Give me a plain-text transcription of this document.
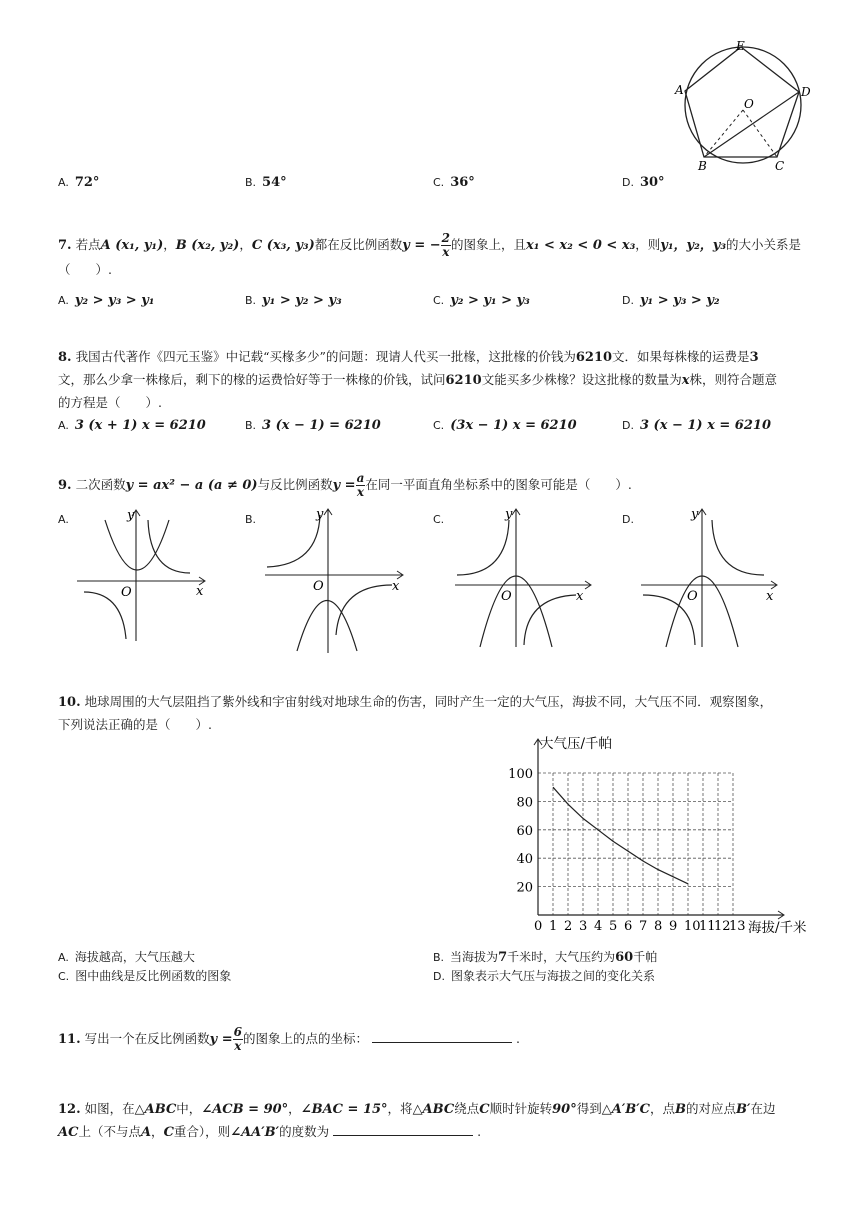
E
A	D
O
B	C
A. 72°	B. 54°	C. 36°	D. 30°
7. 若点A (x₁, y₁)，B (x₂, y₂)，C (x₃, y₃)都在反比例函数y = − $\frac{2}{x}$ 的图象上，且x₁ < x₂ < 0 < x₃，则y₁，y₂，y₃的大小关系是
（　　）.
A. y₂ > y₃ > y₁	B. y₁ > y₂ > y₃	C. y₂ > y₁ > y₃	D. y₁ > y₃ > y₂
8. 我国古代著作《四元玉鉴》中记载“买椽多少”的问题：现请人代买一批椽，这批椽的价钱为6210文．如果每株椽的运费是3
文，那么少拿一株椽后，剩下的椽的运费恰好等于一株椽的价钱，试问6210文能买多少株椽？设这批椽的数量为x株，则符合题意
的方程是（　　）.
A. 3 (x + 1) x = 6210	B. 3 (x − 1) = 6210	C. (3x − 1) x = 6210	D. 3 (x − 1) x = 6210
9. 二次函数y = ax² − a (a ≠ 0)与反比例函数$y = \frac{a}{x}$ 在同一平面直角坐标系中的图象可能是（　　）.
A.
x
y
O
B.
x
y
O
C.
x
y
O
D.
x
y
O
10. 地球周围的大气层阻挡了紫外线和宇宙射线对地球生命的伤害，同时产生一定的大气压，海拔不同，大气压不同．观察图象，
下列说法正确的是（　　）.
0 1 2 3 4 5 6 7 8 9 10
11
12
13
20
40
60
80
100
大气压/千帕
海拔/千米
A. 海拔越高，大气压越大	B. 当海拔为7千米时，大气压约为60千帕
C. 图中曲线是反比例函数的图象	D. 图象表示大气压与海拔之间的变化关系
11. 写出一个在反比例函数$y = \frac{6}{x}$ 的图象上的点的坐标：	.
12. 如图，在△ABC中，∠ACB = 90°，∠BAC = 15°，将△ABC绕点C顺时针旋转90°得到△A′B′C，点B的对应点B′在边
AC上（不与点A，C重合），则∠AA′B′的度数为	.
